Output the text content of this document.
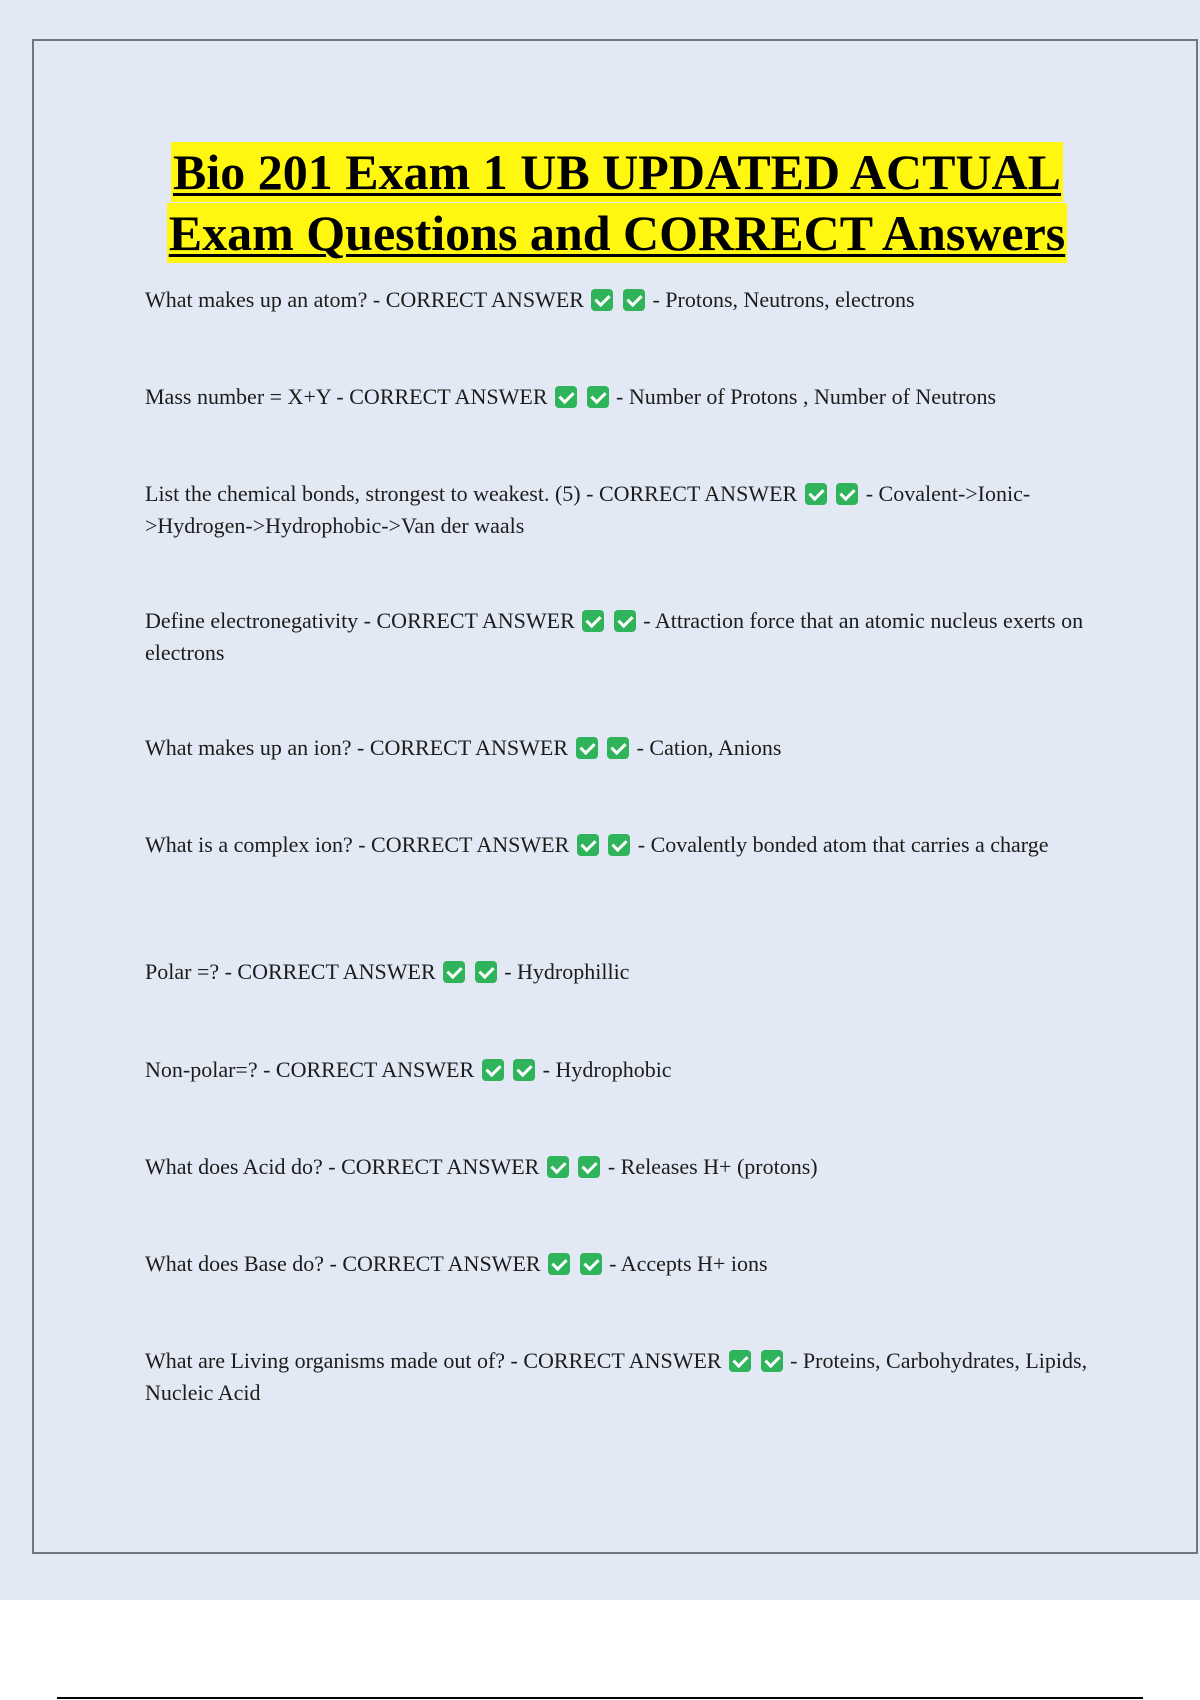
Bio 201 Exam 1 UB UPDATED ACTUAL
Exam Questions and CORRECT Answers
What makes up an atom? - CORRECT ANSWER	- Protons, Neutrons, electrons
Mass number = X+Y - CORRECT ANSWER	- Number of Protons , Number of Neutrons
List the chemical bonds, strongest to weakest. (5) - CORRECT ANSWER	- Covalent->Ionic->Hydrogen->Hydrophobic->Van der waals
Define electronegativity - CORRECT ANSWER	- Attraction force that an atomic nucleus exerts on electrons
What makes up an ion? - CORRECT ANSWER	- Cation, Anions
What is a complex ion? - CORRECT ANSWER	- Covalently bonded atom that carries a charge
Polar =? - CORRECT ANSWER	- Hydrophillic
Non-polar=? - CORRECT ANSWER	- Hydrophobic
What does Acid do? - CORRECT ANSWER	- Releases H+ (protons)
What does Base do? - CORRECT ANSWER	- Accepts H+ ions
What are Living organisms made out of? - CORRECT ANSWER	- Proteins, Carbohydrates, Lipids, Nucleic Acid
